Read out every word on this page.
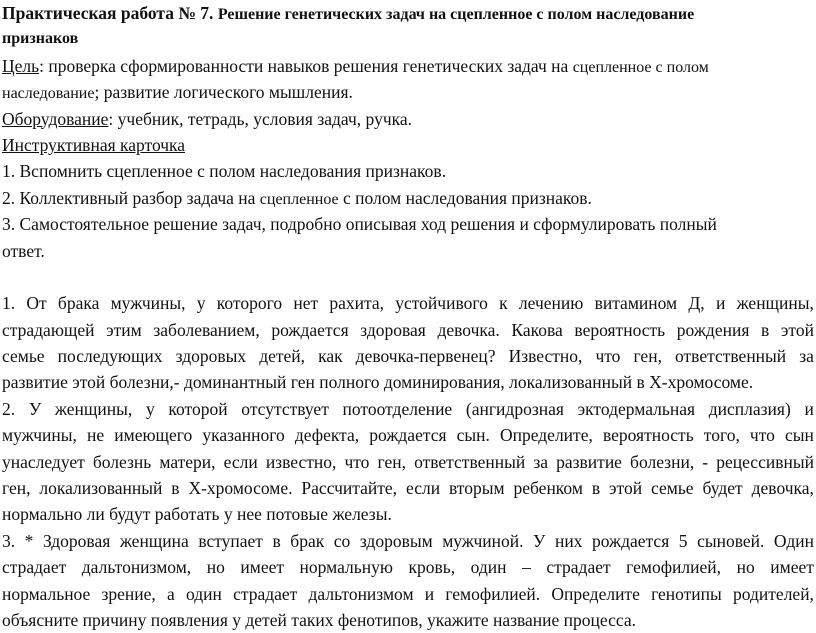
Практическая работа № 7. Решение генетических задач на сцепленное с полом наследование
признаков
Цель: проверка сформированности навыков решения генетических задач на сцепленное с полом
наследование; развитие логического мышления.
Оборудование: учебник, тетрадь, условия задач, ручка.
Инструктивная карточка
1. Вспомнить сцепленное с полом наследования признаков.
2. Коллективный разбор задача на сцепленное с полом наследования признаков.
3. Самостоятельное решение задач, подробно описывая ход решения и сформулировать полный
ответ.
1. От брака мужчины, у которого нет рахита, устойчивого к лечению витамином Д, и женщины,
страдающей этим заболеванием, рождается здоровая девочка. Какова вероятность рождения в этой
семье последующих здоровых детей, как девочка-первенец? Известно, что ген, ответственный за
развитие этой болезни,- доминантный ген полного доминирования, локализованный в Х-хромосоме.
2. У женщины, у которой отсутствует потоотделение (ангидрозная эктодермальная дисплазия) и
мужчины, не имеющего указанного дефекта, рождается сын. Определите, вероятность того, что сын
унаследует болезнь матери, если известно, что ген, ответственный за развитие болезни, - рецессивный
ген, локализованный в Х-хромосоме. Рассчитайте, если вторым ребенком в этой семье будет девочка,
нормально ли будут работать у нее потовые железы.
3. * Здоровая женщина вступает в брак со здоровым мужчиной. У них рождается 5 сыновей. Один
страдает дальтонизмом, но имеет нормальную кровь, один – страдает гемофилией, но имеет
нормальное зрение, а один страдает дальтонизмом и гемофилией. Определите генотипы родителей,
объясните причину появления у детей таких фенотипов, укажите название процесса.
